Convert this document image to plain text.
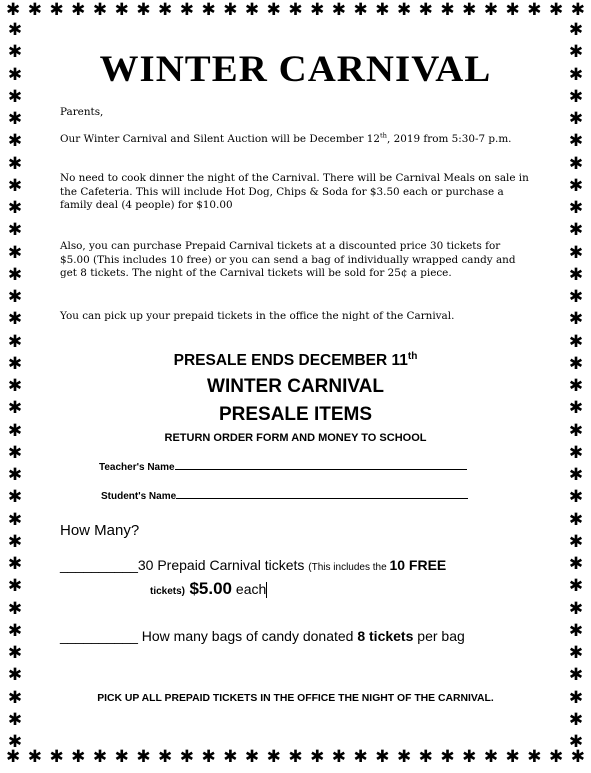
✱ ✱ ✱ ✱ ✱ ✱ ✱ ✱ ✱ ✱ ✱ ✱ ✱ ✱ ✱ ✱ ✱ ✱ ✱ ✱ ✱ ✱ ✱ ✱ ✱ ✱ ✱
✱ ✱ ✱ ✱ ✱ ✱ ✱ ✱ ✱ ✱ ✱ ✱ ✱ ✱ ✱ ✱ ✱ ✱ ✱ ✱ ✱ ✱ ✱ ✱ ✱ ✱ ✱
✱
✱
✱
✱
✱
✱
✱
✱
✱
✱
✱
✱
✱
✱
✱
✱
✱
✱
✱
✱
✱
✱
✱
✱
✱
✱
✱
✱
✱
✱
✱
✱
✱
✱
✱
✱
✱
✱
✱
✱
✱
✱
✱
✱
✱
✱
✱
✱
✱
✱
✱
✱
✱
✱
✱
✱
✱
✱
✱
✱
✱
✱
✱
✱
✱
✱
WINTER CARNIVAL
Parents,
Our Winter Carnival and Silent Auction will be December 12th, 2019 from 5:30-7 p.m.
No need to cook dinner the night of the Carnival. There will be Carnival Meals on sale in the Cafeteria. This will include Hot Dog, Chips & Soda for $3.50 each or purchase a family deal (4 people) for $10.00
Also, you can purchase Prepaid Carnival tickets at a discounted price 30 tickets for $5.00 (This includes 10 free) or you can send a bag of individually wrapped candy and get 8 tickets. The night of the Carnival tickets will be sold for 25¢ a piece.
You can pick up your prepaid tickets in the office the night of the Carnival.
PRESALE ENDS DECEMBER 11th
WINTER CARNIVAL
PRESALE ITEMS
RETURN ORDER FORM AND MONEY TO SCHOOL
Teacher's Name
Student's Name
How Many?
__________30 Prepaid Carnival tickets (This includes the 10 FREE
tickets) $5.00 each
__________ How many bags of candy donated 8 tickets per bag
PICK UP ALL PREPAID TICKETS IN THE OFFICE THE NIGHT OF THE CARNIVAL.
